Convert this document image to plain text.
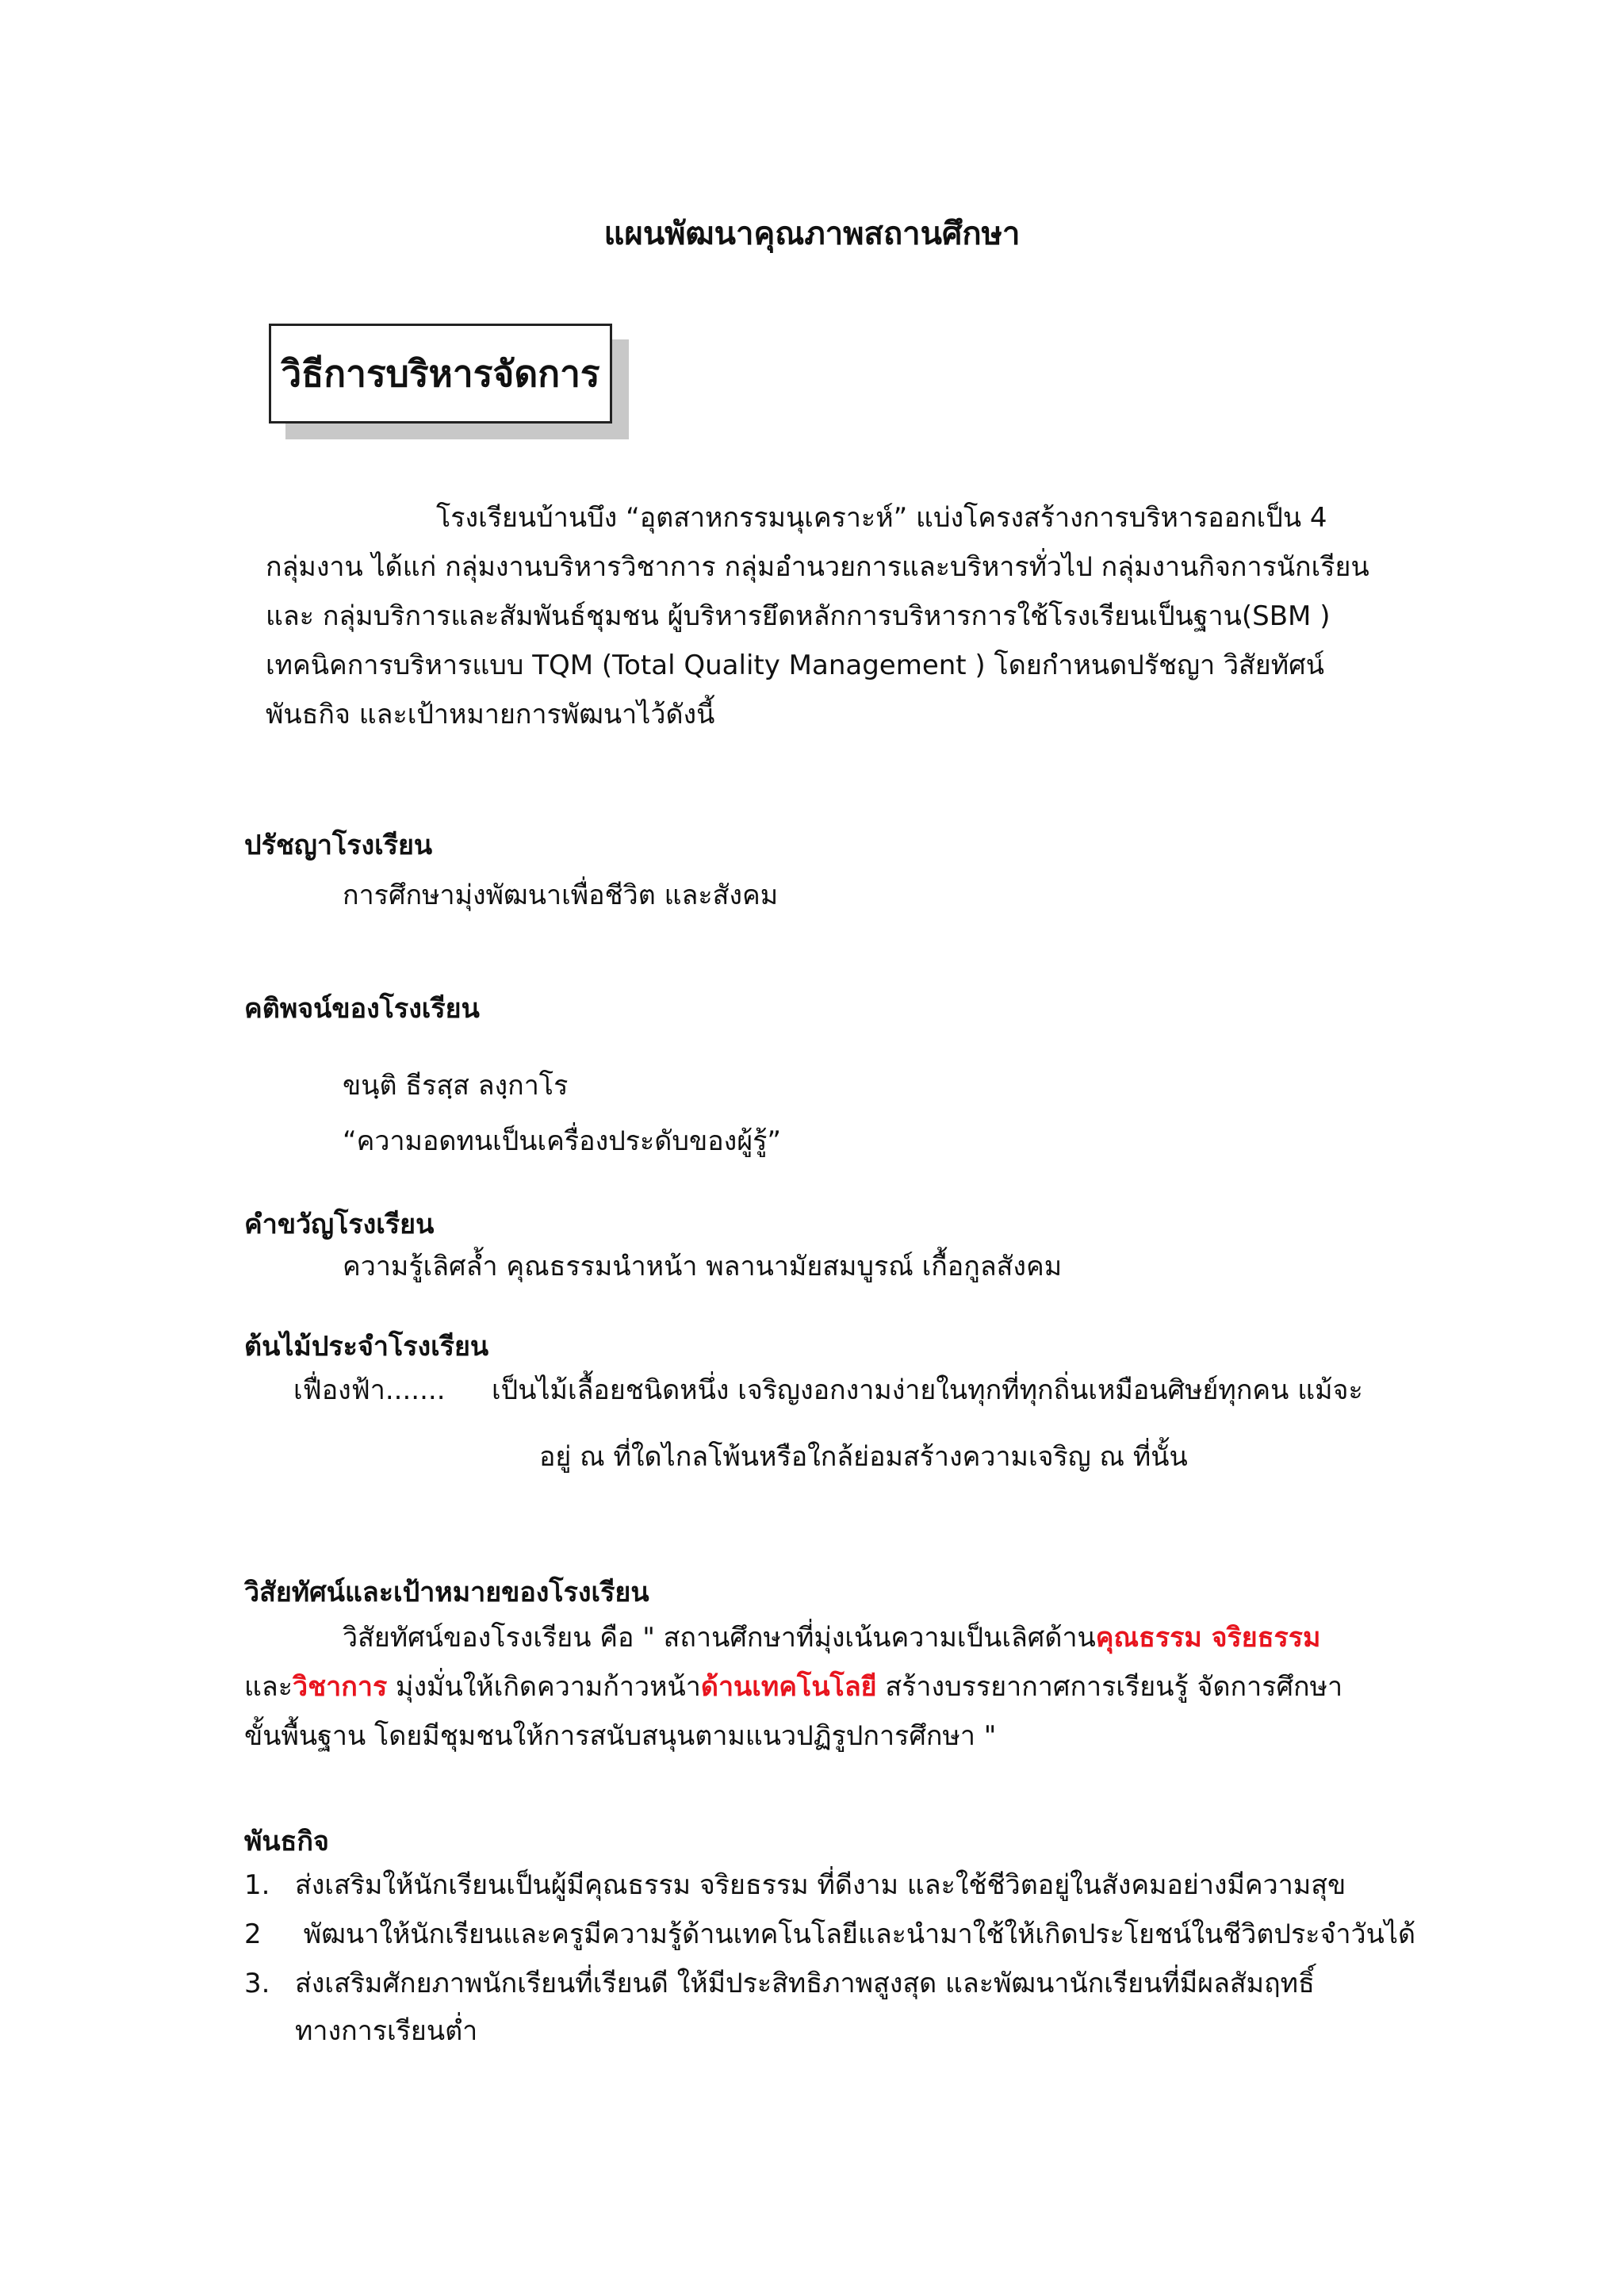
แผนพัฒนาคุณภาพสถานศึกษา
วิธีการบริหารจัดการ
โรงเรียนบ้านบึง “อุตสาหกรรมนุเคราะห์” แบ่งโครงสร้างการบริหารออกเป็น 4
กลุ่มงาน ได้แก่ กลุ่มงานบริหารวิชาการ กลุ่มอำนวยการและบริหารทั่วไป กลุ่มงานกิจการนักเรียน
และ กลุ่มบริการและสัมพันธ์ชุมชน ผู้บริหารยึดหลักการบริหารการใช้โรงเรียนเป็นฐาน(SBM )
เทคนิคการบริหารแบบ TQM (Total Quality Management ) โดยกำหนดปรัชญา วิสัยทัศน์
พันธกิจ และเป้าหมายการพัฒนาไว้ดังนี้
ปรัชญาโรงเรียน
การศึกษามุ่งพัฒนาเพื่อชีวิต และสังคม
คติพจน์ของโรงเรียน
ขนฺติ ธีรสฺส ลงฺกาโร
“ความอดทนเป็นเครื่องประดับของผู้รู้”
คำขวัญโรงเรียน
ความรู้เลิศล้ำ คุณธรรมนำหน้า พลานามัยสมบูรณ์ เกื้อกูลสังคม
ต้นไม้ประจำโรงเรียน
เฟื่องฟ้า....... เป็นไม้เลื้อยชนิดหนึ่ง เจริญงอกงามง่ายในทุกที่ทุกถิ่นเหมือนศิษย์ทุกคน แม้จะ
อยู่ ณ ที่ใดไกลโพ้นหรือใกล้ย่อมสร้างความเจริญ ณ ที่นั้น
วิสัยทัศน์และเป้าหมายของโรงเรียน
วิสัยทัศน์ของโรงเรียน คือ " สถานศึกษาที่มุ่งเน้นความเป็นเลิศด้านคุณธรรม จริยธรรม
และวิชาการ มุ่งมั่นให้เกิดความก้าวหน้าด้านเทคโนโลยี สร้างบรรยากาศการเรียนรู้ จัดการศึกษา
ขั้นพื้นฐาน โดยมีชุมชนให้การสนับสนุนตามแนวปฏิรูปการศึกษา "
พันธกิจ
1. ส่งเสริมให้นักเรียนเป็นผู้มีคุณธรรม จริยธรรม ที่ดีงาม และใช้ชีวิตอยู่ในสังคมอย่างมีความสุข
2 พัฒนาให้นักเรียนและครูมีความรู้ด้านเทคโนโลยีและนำมาใช้ให้เกิดประโยชน์ในชีวิตประจำวันได้
3. ส่งเสริมศักยภาพนักเรียนที่เรียนดี ให้มีประสิทธิภาพสูงสุด และพัฒนานักเรียนที่มีผลสัมฤทธิ์
ทางการเรียนต่ำ
